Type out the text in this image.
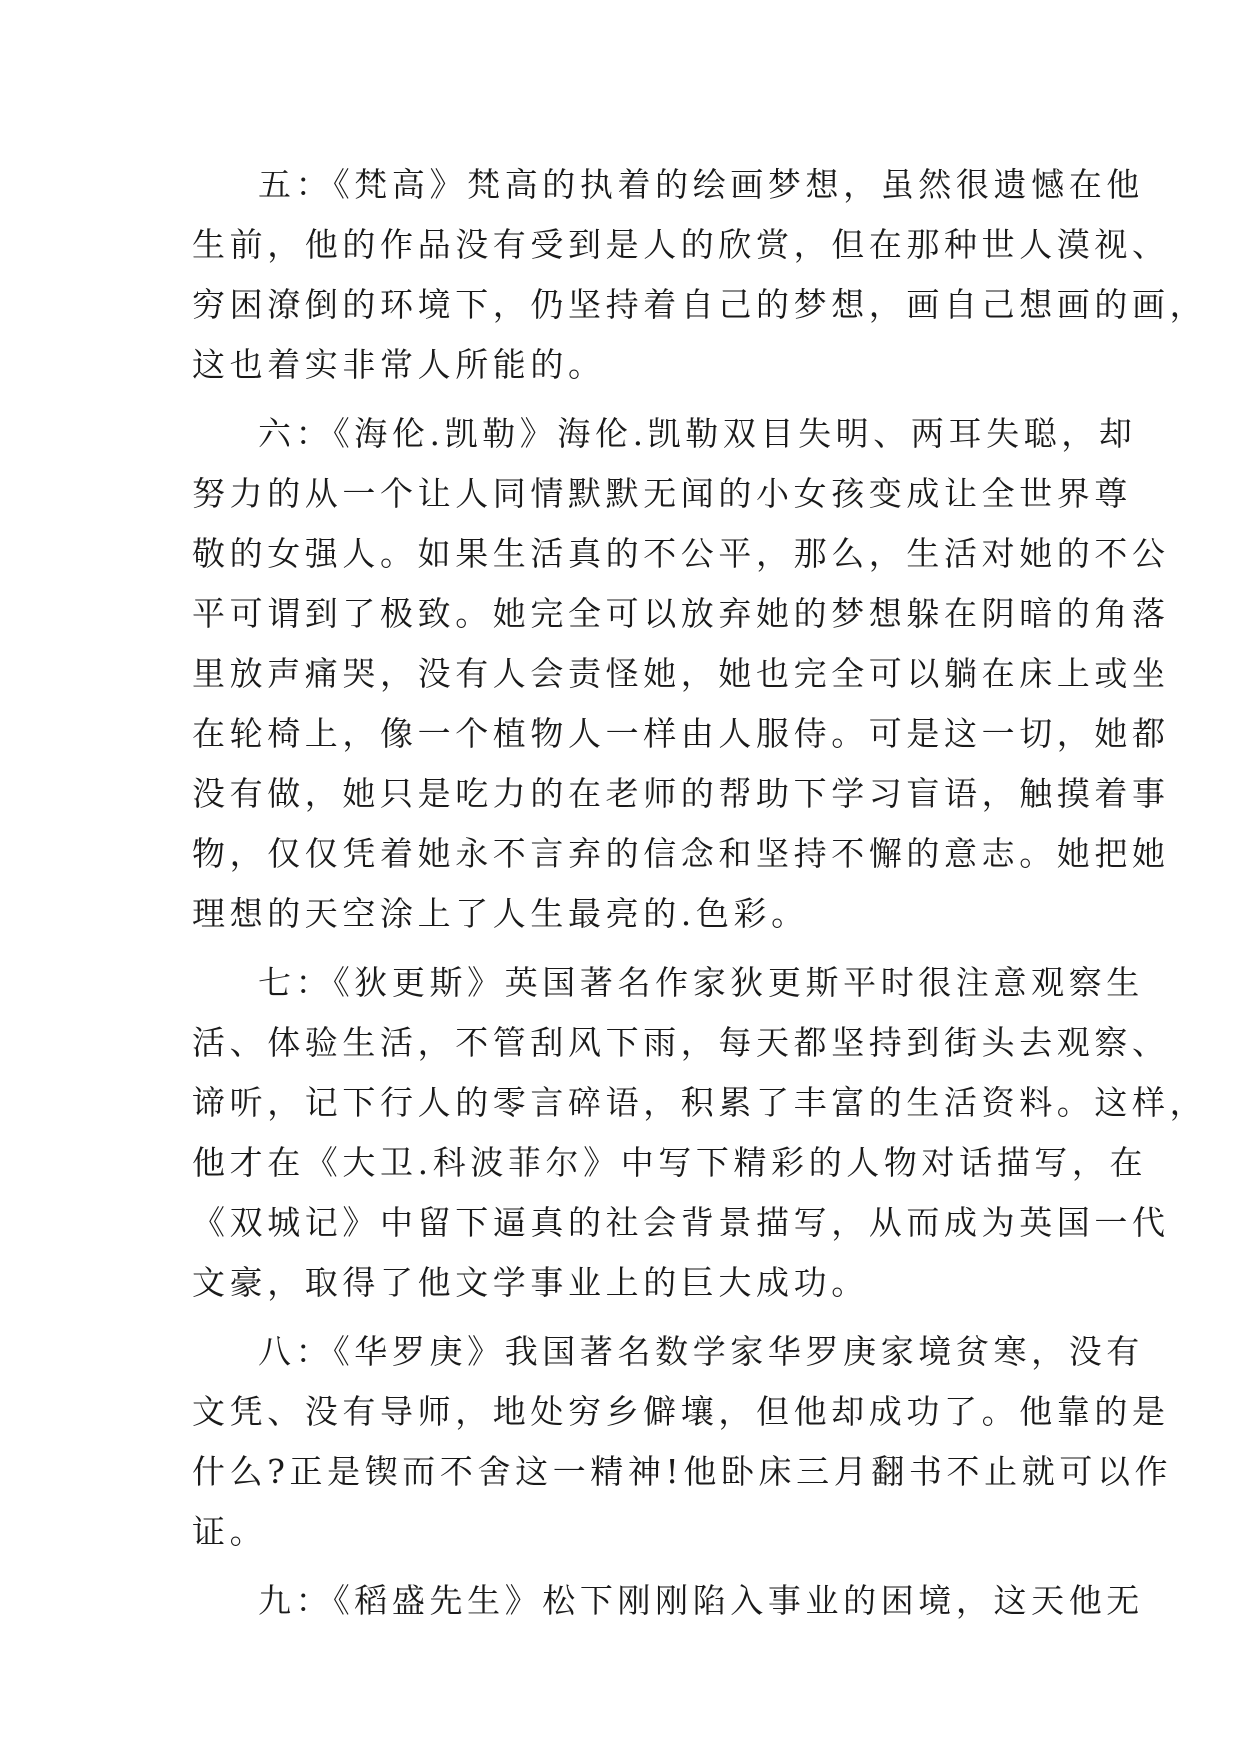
五：《梵高》梵高的执着的绘画梦想，虽然很遗憾在他
生前，他的作品没有受到是人的欣赏，但在那种世人漠视、
穷困潦倒的环境下，仍坚持着自己的梦想，画自己想画的画，
这也着实非常人所能的。
六：《海伦.凯勒》海伦.凯勒双目失明、两耳失聪，却
努力的从一个让人同情默默无闻的小女孩变成让全世界尊
敬的女强人。如果生活真的不公平，那么，生活对她的不公
平可谓到了极致。她完全可以放弃她的梦想躲在阴暗的角落
里放声痛哭，没有人会责怪她，她也完全可以躺在床上或坐
在轮椅上，像一个植物人一样由人服侍。可是这一切，她都
没有做，她只是吃力的在老师的帮助下学习盲语，触摸着事
物，仅仅凭着她永不言弃的信念和坚持不懈的意志。她把她
理想的天空涂上了人生最亮的.色彩。
七：《狄更斯》英国著名作家狄更斯平时很注意观察生
活、体验生活，不管刮风下雨，每天都坚持到街头去观察、
谛听，记下行人的零言碎语，积累了丰富的生活资料。这样，
他才在《大卫.科波菲尔》中写下精彩的人物对话描写，在
《双城记》中留下逼真的社会背景描写，从而成为英国一代
文豪，取得了他文学事业上的巨大成功。
八：《华罗庚》我国著名数学家华罗庚家境贫寒，没有
文凭、没有导师，地处穷乡僻壤，但他却成功了。他靠的是
什么?正是锲而不舍这一精神!他卧床三月翻书不止就可以作
证。
九：《稻盛先生》松下刚刚陷入事业的困境，这天他无
